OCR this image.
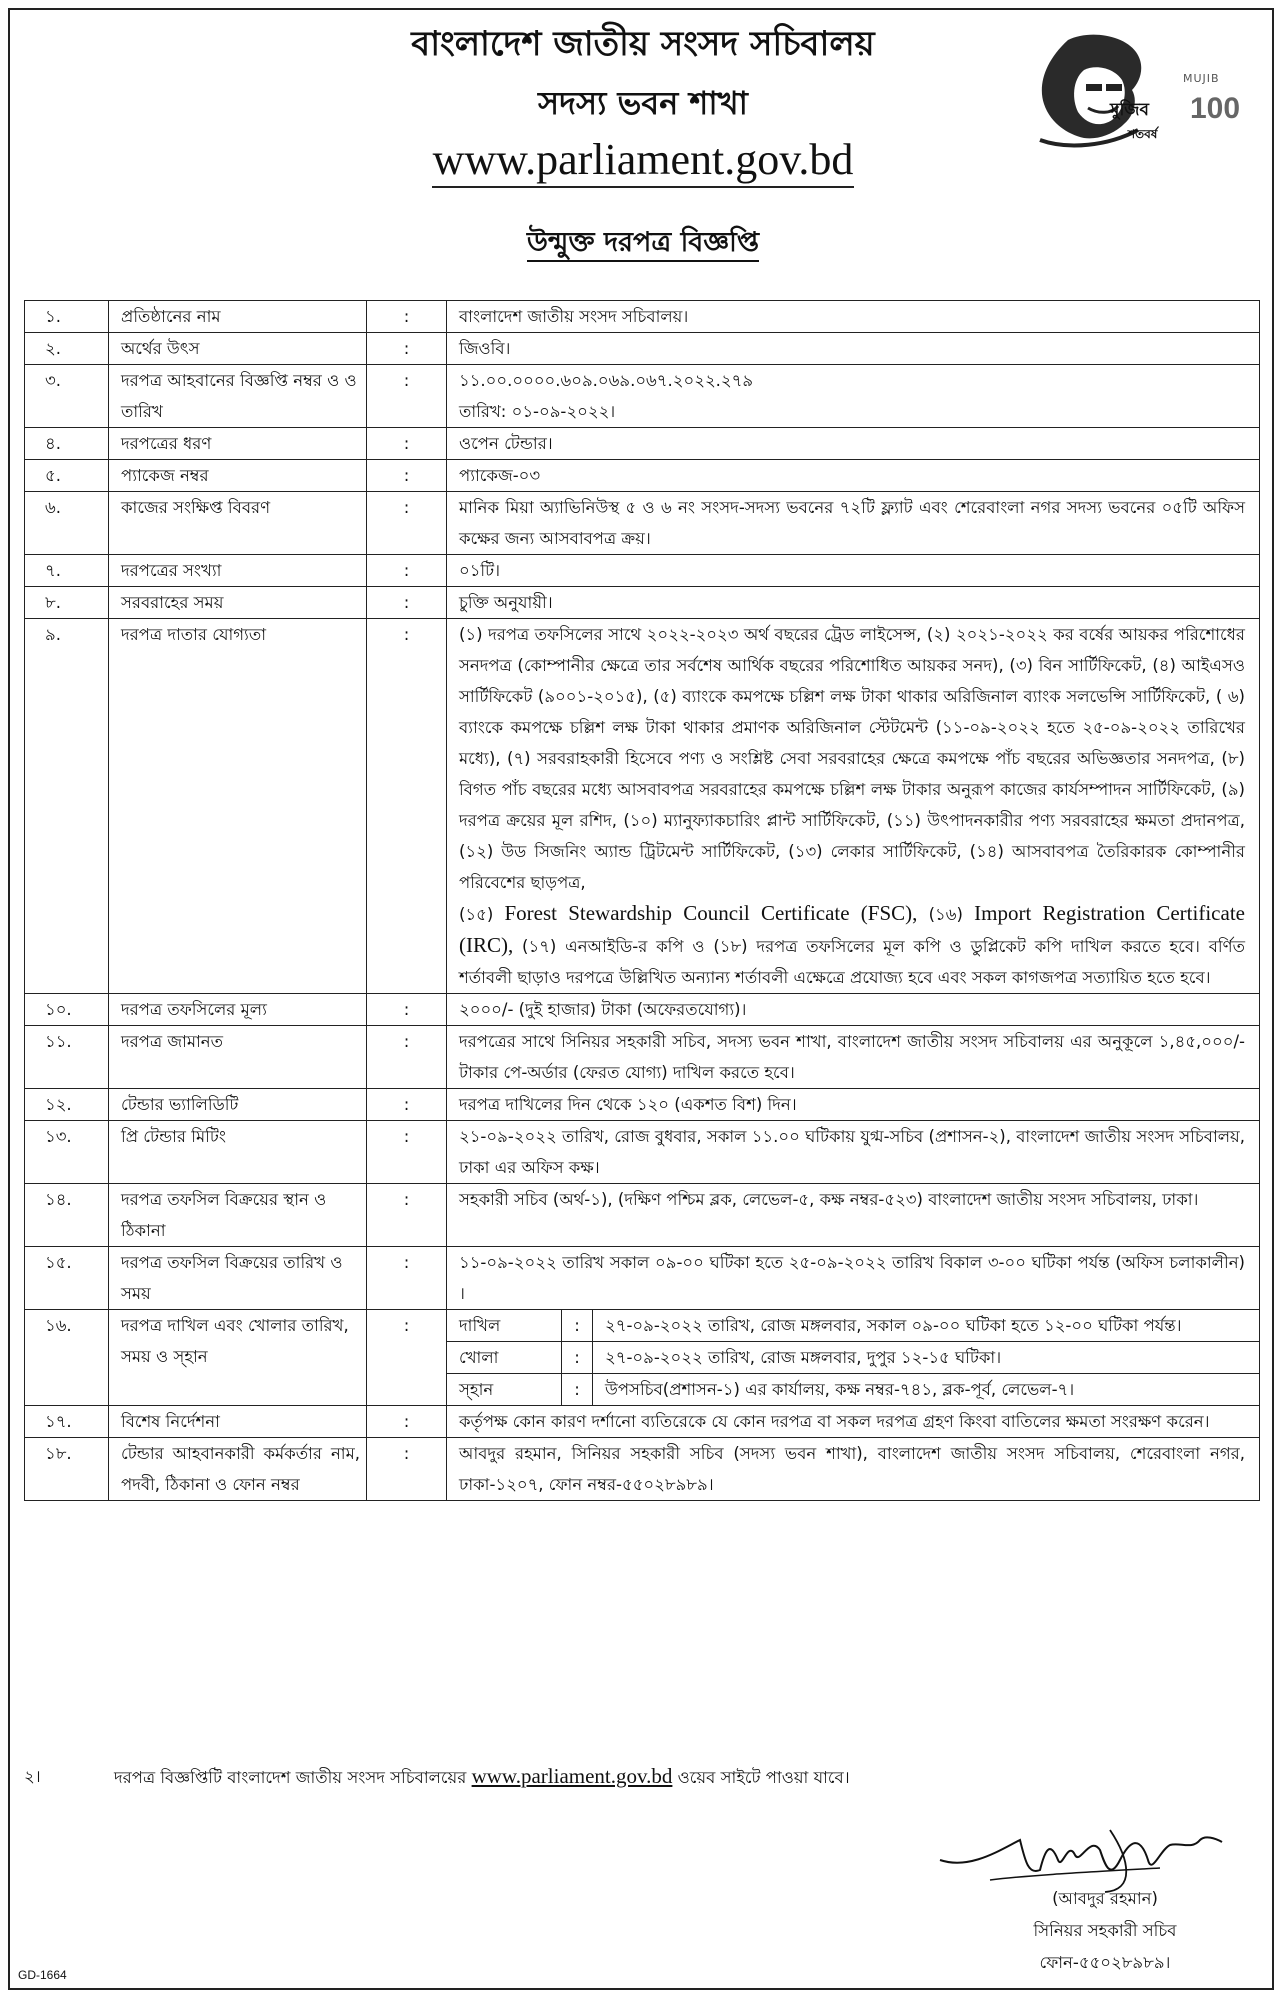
বাংলাদেশ জাতীয় সংসদ সচিবালয়
সদস্য ভবন শাখা
www.parliament.gov.bd
মুজিব
MUJIB
100
শতবর্ষ
উন্মুক্ত দরপত্র বিজ্ঞপ্তি
১.	প্রতিষ্ঠানের নাম	:	বাংলাদেশ জাতীয় সংসদ সচিবালয়।
২.	অর্থের উৎস	:	জিওবি।
৩.	দরপত্র আহবানের বিজ্ঞপ্তি নম্বর ও ও তারিখ	:	১১.০০.০০০০.৬০৯.০৬৯.০৬৭.২০২২.২৭৯
তারিখ: ০১-০৯-২০২২।

৪.	দরপত্রের ধরণ	:	ওপেন টেন্ডার।
৫.	প্যাকেজ নম্বর	:	প্যাকেজ-০৩
৬.	কাজের সংক্ষিপ্ত বিবরণ	:	মানিক মিয়া অ্যাভিনিউস্থ ৫ ও ৬ নং সংসদ-সদস্য ভবনের ৭২টি ফ্ল্যাট এবং শেরেবাংলা নগর সদস্য ভবনের ০৫টি অফিস কক্ষের জন্য আসবাবপত্র ক্রয়।
৭.	দরপত্রের সংখ্যা	:	০১টি।
৮.	সরবরাহের সময়	:	চুক্তি অনুযায়ী।
৯.	দরপত্র দাতার যোগ্যতা	:	(১) দরপত্র তফসিলের সাথে ২০২২-২০২৩ অর্থ বছরের ট্রেড লাইসেন্স, (২) ২০২১-২০২২ কর বর্ষের আয়কর পরিশোধের সনদপত্র (কোম্পানীর ক্ষেত্রে তার সর্বশেষ আর্থিক বছরের পরিশোধিত আয়কর সনদ), (৩) বিন সার্টিফিকেট, (৪) আইএসও সার্টিফিকেট (৯০০১-২০১৫), (৫) ব্যাংকে কমপক্ষে চল্লিশ লক্ষ টাকা থাকার অরিজিনাল ব্যাংক সলভেন্সি সার্টিফিকেট, ( ৬) ব্যাংকে কমপক্ষে চল্লিশ লক্ষ টাকা থাকার প্রমাণক অরিজিনাল স্টেটমেন্ট (১১-০৯-২০২২ হতে ২৫-০৯-২০২২ তারিখের মধ্যে), (৭) সরবরাহকারী হিসেবে পণ্য ও সংশ্লিষ্ট সেবা সরবরাহের ক্ষেত্রে কমপক্ষে পাঁচ বছরের অভিজ্ঞতার সনদপত্র, (৮) বিগত পাঁচ বছরের মধ্যে আসবাবপত্র সরবরাহের কমপক্ষে চল্লিশ লক্ষ টাকার অনুরূপ কাজের কার্যসম্পাদন সার্টিফিকেট, (৯) দরপত্র ক্রয়ের মূল রশিদ, (১০) ম্যানুফ্যাকচারিং প্লান্ট সার্টিফিকেট, (১১) উৎপাদনকারীর পণ্য সরবরাহের ক্ষমতা প্রদানপত্র, (১২) উড সিজনিং অ্যান্ড ট্রিটমেন্ট সার্টিফিকেট, (১৩) লেকার সার্টিফিকেট, (১৪) আসবাবপত্র তৈরিকারক কোম্পানীর পরিবেশের ছাড়পত্র,
(১৫) Forest Stewardship Council Certificate (FSC), (১৬) Import Registration Certificate (IRC), (১৭) এনআইডি-র কপি ও (১৮) দরপত্র তফসিলের মূল কপি ও ডুপ্লিকেট কপি দাখিল করতে হবে। বর্ণিত শর্তাবলী ছাড়াও দরপত্রে উল্লিখিত অন্যান্য শর্তাবলী এক্ষেত্রে প্রযোজ্য হবে এবং সকল কাগজপত্র সত্যায়িত হতে হবে।
১০.	দরপত্র তফসিলের মূল্য	:	২০০০/- (দুই হাজার) টাকা (অফেরতযোগ্য)।
১১.	দরপত্র জামানত	:	দরপত্রের সাথে সিনিয়র সহকারী সচিব, সদস্য ভবন শাখা, বাংলাদেশ জাতীয় সংসদ সচিবালয় এর অনুকূলে ১,৪৫,০০০/- টাকার পে-অর্ডার (ফেরত যোগ্য) দাখিল করতে হবে।
১২.	টেন্ডার ভ্যালিডিটি	:	দরপত্র দাখিলের দিন থেকে ১২০ (একশত বিশ) দিন।
১৩.	প্রি টেন্ডার মিটিং	:	২১-০৯-২০২২ তারিখ, রোজ বুধবার, সকাল ১১.০০ ঘটিকায় যুগ্ম-সচিব (প্রশাসন-২), বাংলাদেশ জাতীয় সংসদ সচিবালয়, ঢাকা এর অফিস কক্ষ।
১৪.	দরপত্র তফসিল বিক্রয়ের স্থান ও ঠিকানা	:	সহকারী সচিব (অর্থ-১), (দক্ষিণ পশ্চিম ব্লক, লেভেল-৫, কক্ষ নম্বর-৫২৩) বাংলাদেশ জাতীয় সংসদ সচিবালয়, ঢাকা।
১৫.	দরপত্র তফসিল বিক্রয়ের তারিখ ও সময়	:	১১-০৯-২০২২ তারিখ সকাল ০৯-০০ ঘটিকা হতে ২৫-০৯-২০২২ তারিখ বিকাল ৩-০০ ঘটিকা পর্যন্ত (অফিস চলাকালীন) ।
১৬.	দরপত্র দাখিল এবং খোলার তারিখ, সময় ও স্হান	:		দাখিল	:	২৭-০৯-২০২২ তারিখ, রোজ মঙ্গলবার, সকাল ০৯-০০ ঘটিকা হতে ১২-০০ ঘটিকা পর্যন্ত।
খোলা	:	২৭-০৯-২০২২ তারিখ, রোজ মঙ্গলবার, দুপুর ১২-১৫ ঘটিকা।
স্হান	:	উপসচিব(প্রশাসন-১) এর কার্যালয়, কক্ষ নম্বর-৭৪১, ব্লক-পূর্ব, লেভেল-৭।

১৭.	বিশেষ নির্দেশনা	:	কর্তৃপক্ষ কোন কারণ দর্শানো ব্যতিরেকে যে কোন দরপত্র বা সকল দরপত্র গ্রহণ কিংবা বাতিলের ক্ষমতা সংরক্ষণ করেন।
১৮.	টেন্ডার আহবানকারী কর্মকর্তার নাম, পদবী, ঠিকানা ও ফোন নম্বর	:	আবদুর রহমান, সিনিয়র সহকারী সচিব (সদস্য ভবন শাখা), বাংলাদেশ জাতীয় সংসদ সচিবালয়, শেরেবাংলা নগর, ঢাকা-১২০৭, ফোন নম্বর-৫৫০২৮৯৮৯।
২।	দরপত্র বিজ্ঞপ্তিটি বাংলাদেশ জাতীয় সংসদ সচিবালয়ের www.parliament.gov.bd ওয়েব সাইটে পাওয়া যাবে।
(আবদুর রহমান)
সিনিয়র সহকারী সচিব
ফোন-৫৫০২৮৯৮৯।
GD-1664
